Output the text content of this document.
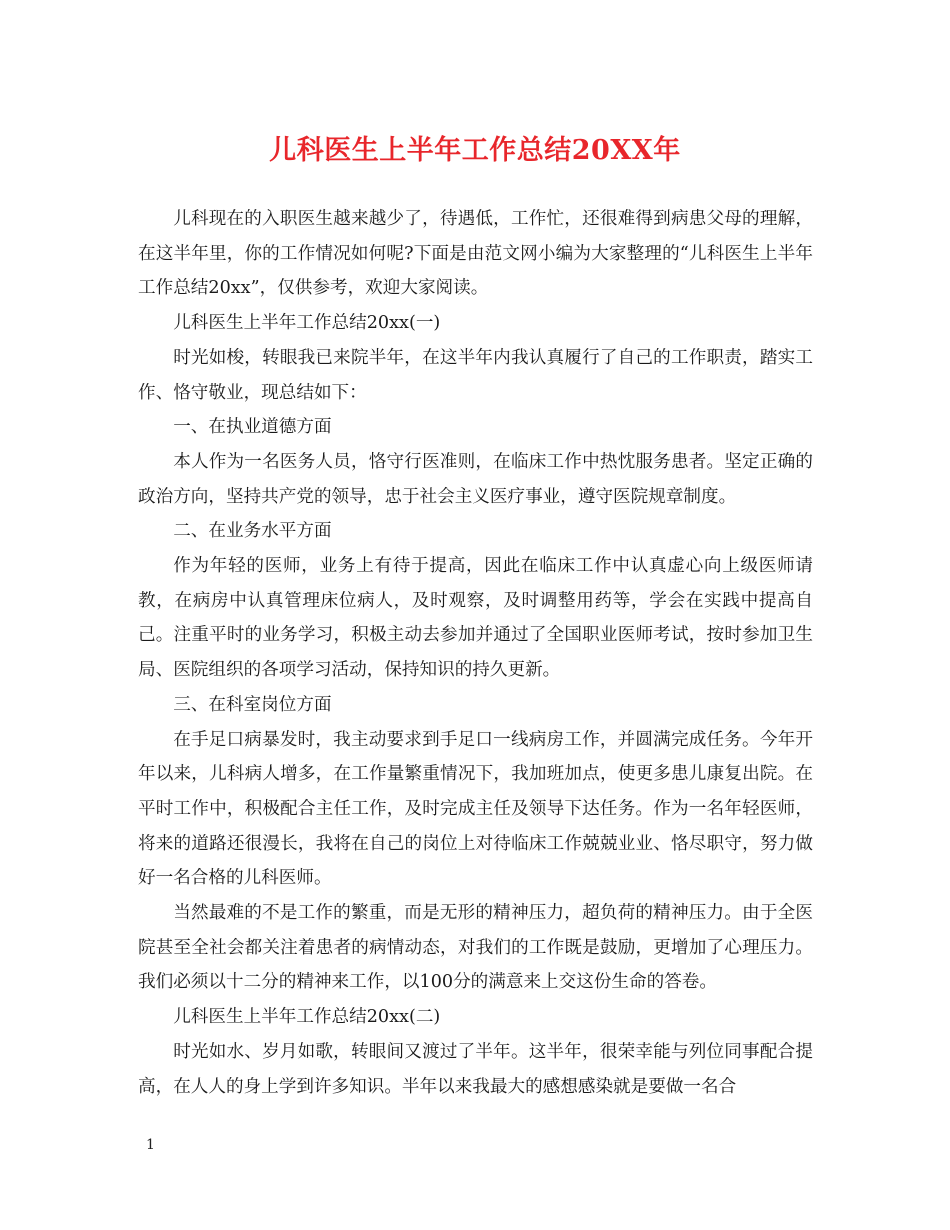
儿科医生上半年工作总结20XX年

儿科现在的入职医生越来越少了，待遇低，工作忙，还很难得到病患父母的理解，在这半年里，你的工作情况如何呢?下面是由范文网小编为大家整理的“儿科医生上半年工作总结20xx”，仅供参考，欢迎大家阅读。

儿科医生上半年工作总结20xx(一)

时光如梭，转眼我已来院半年，在这半年内我认真履行了自己的工作职责，踏实工作、恪守敬业，现总结如下：

一、在执业道德方面

本人作为一名医务人员，恪守行医准则，在临床工作中热忱服务患者。坚定正确的政治方向，坚持共产党的领导，忠于社会主义医疗事业，遵守医院规章制度。

二、在业务水平方面

作为年轻的医师，业务上有待于提高，因此在临床工作中认真虚心向上级医师请教，在病房中认真管理床位病人，及时观察，及时调整用药等，学会在实践中提高自己。注重平时的业务学习，积极主动去参加并通过了全国职业医师考试，按时参加卫生局、医院组织的各项学习活动，保持知识的持久更新。

三、在科室岗位方面

在手足口病暴发时，我主动要求到手足口一线病房工作，并圆满完成任务。今年开年以来，儿科病人增多，在工作量繁重情况下，我加班加点，使更多患儿康复出院。在平时工作中，积极配合主任工作，及时完成主任及领导下达任务。作为一名年轻医师，将来的道路还很漫长，我将在自己的岗位上对待临床工作兢兢业业、恪尽职守，努力做好一名合格的儿科医师。

当然最难的不是工作的繁重，而是无形的精神压力，超负荷的精神压力。由于全医院甚至全社会都关注着患者的病情动态，对我们的工作既是鼓励，更增加了心理压力。我们必须以十二分的精神来工作，以100分的满意来上交这份生命的答卷。

儿科医生上半年工作总结20xx(二)

时光如水、岁月如歌，转眼间又渡过了半年。这半年，很荣幸能与列位同事配合提高，在人人的身上学到许多知识。半年以来我最大的感想感染就是要做一名合

1
